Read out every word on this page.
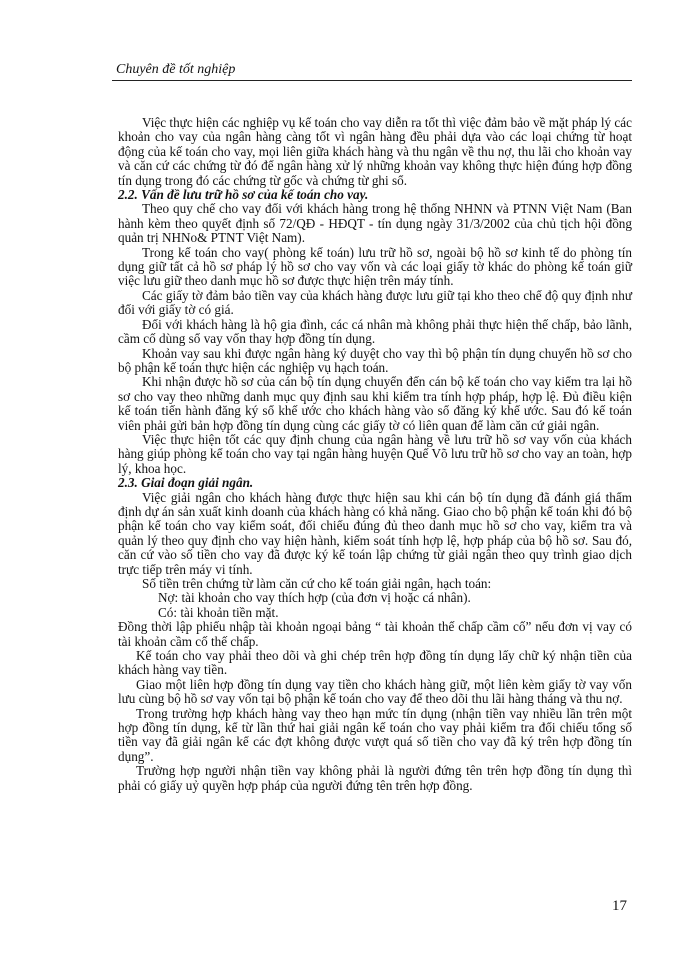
Chuyên đề tốt nghiệp

Việc thực hiện các nghiệp vụ kế toán cho vay diễn ra tốt thì việc đảm bảo về mặt pháp lý các khoản cho vay của ngân hàng càng tốt vì ngân hàng đều phải dựa vào các loại chứng từ hoạt động của kế toán cho vay, mọi liên giữa khách hàng và thu ngân về thu nợ, thu lãi cho khoản vay và căn cứ các chứng từ đó để ngân hàng xử lý những khoản vay không thực hiện đúng hợp đồng tín dụng trong đó các chứng từ gốc và chứng từ ghi sổ.

2.2. Vấn đề lưu trữ hồ sơ của kế toán cho vay.

Theo quy chế cho vay đối với khách hàng trong hệ thống NHNN và PTNN Việt Nam (Ban hành kèm theo quyết định số 72/QĐ - HĐQT - tín dụng ngày 31/3/2002 của chủ tịch hội đồng quản trị NHNo& PTNT Việt Nam).

Trong kế toán cho vay( phòng kế toán) lưu trữ hồ sơ, ngoài bộ hồ sơ kinh tế do phòng tín dụng giữ tất cả hồ sơ pháp lý hồ sơ cho vay vốn và các loại giấy tờ khác do phòng kế toán giữ việc lưu giữ theo danh mục hồ sơ được thực hiện trên máy tính.

Các giấy tờ đảm bảo tiền vay của khách hàng được lưu giữ tại kho theo chế độ quy định như đối với giấy tờ có giá.

Đối với khách hàng là hộ gia đình, các cá nhân mà không phải thực hiện thế chấp, bảo lãnh, cầm cố dùng sổ vay vốn thay hợp đồng tín dụng.

Khoản vay sau khi được ngân hàng ký duyệt cho vay thì bộ phận tín dụng chuyển hồ sơ cho bộ phận kế toán thực hiện các nghiệp vụ hạch toán.

Khi nhận được hồ sơ của cán bộ tín dụng chuyển đến cán bộ kế toán cho vay kiểm tra lại hồ sơ cho vay theo những danh mục quy định sau khi kiểm tra tính hợp pháp, hợp lệ. Đủ điều kiện kế toán tiến hành đăng ký sổ khế ước cho khách hàng vào sổ đăng ký khế ước. Sau đó kế toán viên phải gửi bản hợp đồng tín dụng cùng các giấy tờ có liên quan để làm căn cứ giải ngân.

Việc thực hiện tốt các quy định chung của ngân hàng về lưu trữ hồ sơ vay vốn của khách hàng giúp phòng kế toán cho vay tại ngân hàng huyện Quế Võ lưu trữ hồ sơ cho vay an toàn, hợp lý, khoa học.

2.3. Giai đoạn giải ngân.

Việc giải ngân cho khách hàng được thực hiện sau khi cán bộ tín dụng đã đánh giá thẩm định dự án sản xuất kinh doanh của khách hàng có khả năng. Giao cho bộ phận kế toán khi đó bộ phận kế toán cho vay kiểm soát, đối chiếu đúng đủ theo danh mục hồ sơ cho vay, kiểm tra và quản lý theo quy định cho vay hiện hành, kiểm soát tính hợp lệ, hợp pháp của bộ hồ sơ. Sau đó, căn cứ vào số tiền cho vay đã được ký kế toán lập chứng từ giải ngân theo quy trình giao dịch trực tiếp trên máy vi tính.

Số tiền trên chứng từ làm căn cứ cho kế toán giải ngân, hạch toán:

Nợ: tài khoản cho vay thích hợp (của đơn vị hoặc cá nhân).

Có: tài khoản tiền mặt.

Đồng thời lập phiếu nhập tài khoản ngoại bảng “ tài khoản thế chấp cầm cố” nếu đơn vị vay có tài khoản cầm cố thế chấp.

Kế toán cho vay phải theo dõi và ghi chép trên hợp đồng tín dụng lấy chữ ký nhận tiền của khách hàng vay tiền.

Giao một liên hợp đồng tín dụng vay tiền cho khách hàng giữ, một liên kèm giấy tờ vay vốn lưu cùng bộ hồ sơ vay vốn tại bộ phận kế toán cho vay để theo dõi thu lãi hàng tháng và thu nợ.

Trong trường hợp khách hàng vay theo hạn mức tín dụng (nhận tiền vay nhiều lần trên một hợp đồng tín dụng, kể từ lần thứ hai giải ngân kế toán cho vay phải kiểm tra đối chiếu tổng số tiền vay đã giải ngân kể các đợt không được vượt quá số tiền cho vay đã ký trên hợp đồng tín dụng”.

Trường hợp người nhận tiền vay không phải là người đứng tên trên hợp đồng tín dụng thì phải có giấy uỷ quyền hợp pháp của người đứng tên trên hợp đồng.

17
